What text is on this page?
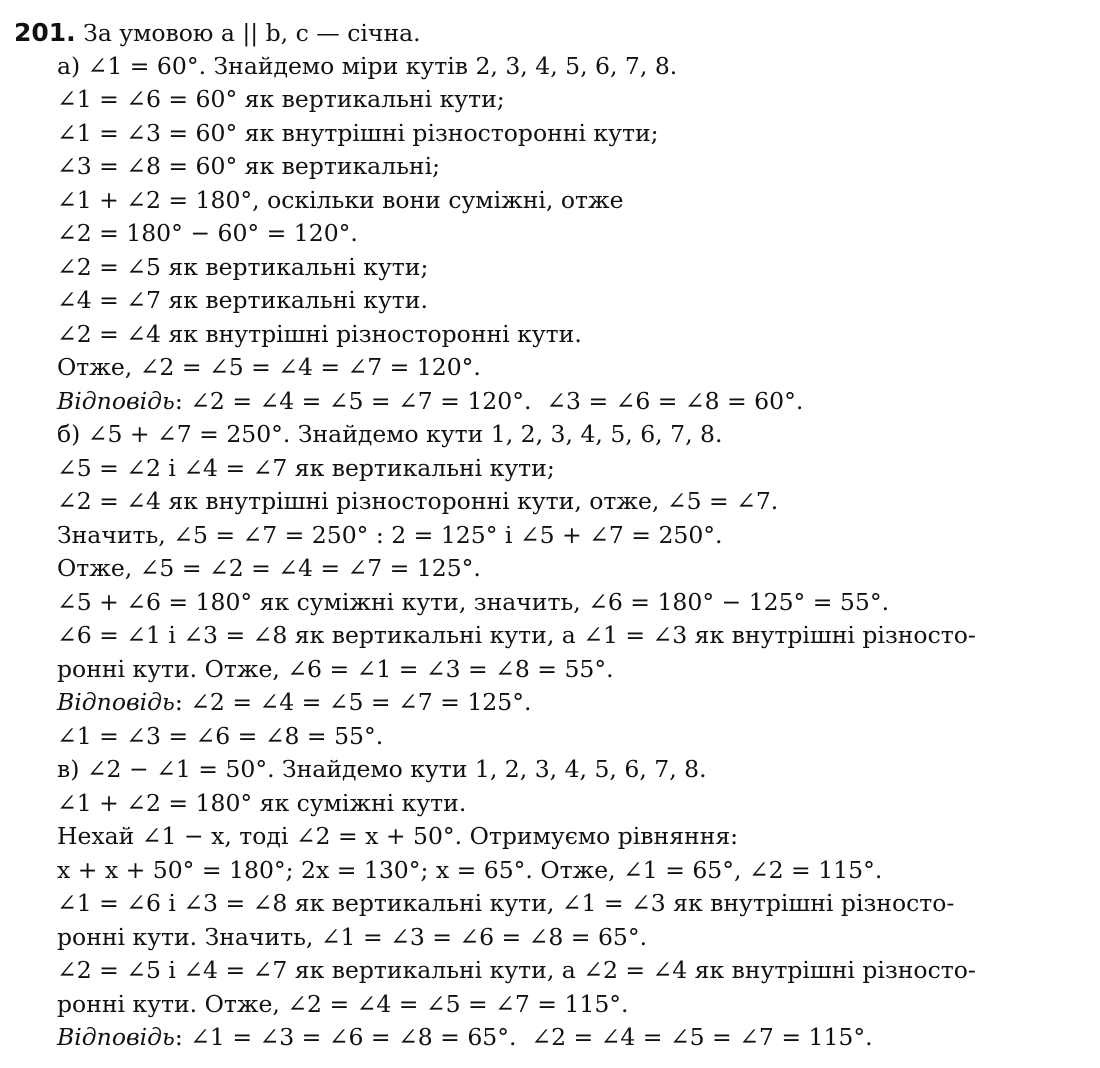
201. За умовою a || b, c — січна.
а) ∠1 = 60°. Знайдемо міри кутів 2, 3, 4, 5, 6, 7, 8.
∠1 = ∠6 = 60° як вертикальні кути;
∠1 = ∠3 = 60° як внутрішні різносторонні кути;
∠3 = ∠8 = 60° як вертикальні;
∠1 + ∠2 = 180°, оскільки вони суміжні, отже
∠2 = 180° − 60° = 120°.
∠2 = ∠5 як вертикальні кути;
∠4 = ∠7 як вертикальні кути.
∠2 = ∠4 як внутрішні різносторонні кути.
Отже, ∠2 = ∠5 = ∠4 = ∠7 = 120°.
Відповідь: ∠2 = ∠4 = ∠5 = ∠7 = 120°.  ∠3 = ∠6 = ∠8 = 60°.
б) ∠5 + ∠7 = 250°. Знайдемо кути 1, 2, 3, 4, 5, 6, 7, 8.
∠5 = ∠2 і ∠4 = ∠7 як вертикальні кути;
∠2 = ∠4 як внутрішні різносторонні кути, отже, ∠5 = ∠7.
Значить, ∠5 = ∠7 = 250° : 2 = 125° і ∠5 + ∠7 = 250°.
Отже, ∠5 = ∠2 = ∠4 = ∠7 = 125°.
∠5 + ∠6 = 180° як суміжні кути, значить, ∠6 = 180° − 125° = 55°.
∠6 = ∠1 і ∠3 = ∠8 як вертикальні кути, а ∠1 = ∠3 як внутрішні різносто-
ронні кути. Отже, ∠6 = ∠1 = ∠3 = ∠8 = 55°.
Відповідь: ∠2 = ∠4 = ∠5 = ∠7 = 125°.
∠1 = ∠3 = ∠6 = ∠8 = 55°.
в) ∠2 − ∠1 = 50°. Знайдемо кути 1, 2, 3, 4, 5, 6, 7, 8.
∠1 + ∠2 = 180° як суміжні кути.
Нехай ∠1 − x, тоді ∠2 = x + 50°. Отримуємо рівняння:
x + x + 50° = 180°; 2x = 130°; x = 65°. Отже, ∠1 = 65°, ∠2 = 115°.
∠1 = ∠6 і ∠3 = ∠8 як вертикальні кути, ∠1 = ∠3 як внутрішні різносто-
ронні кути. Значить, ∠1 = ∠3 = ∠6 = ∠8 = 65°.
∠2 = ∠5 і ∠4 = ∠7 як вертикальні кути, а ∠2 = ∠4 як внутрішні різносто-
ронні кути. Отже, ∠2 = ∠4 = ∠5 = ∠7 = 115°.
Відповідь: ∠1 = ∠3 = ∠6 = ∠8 = 65°.  ∠2 = ∠4 = ∠5 = ∠7 = 115°.
